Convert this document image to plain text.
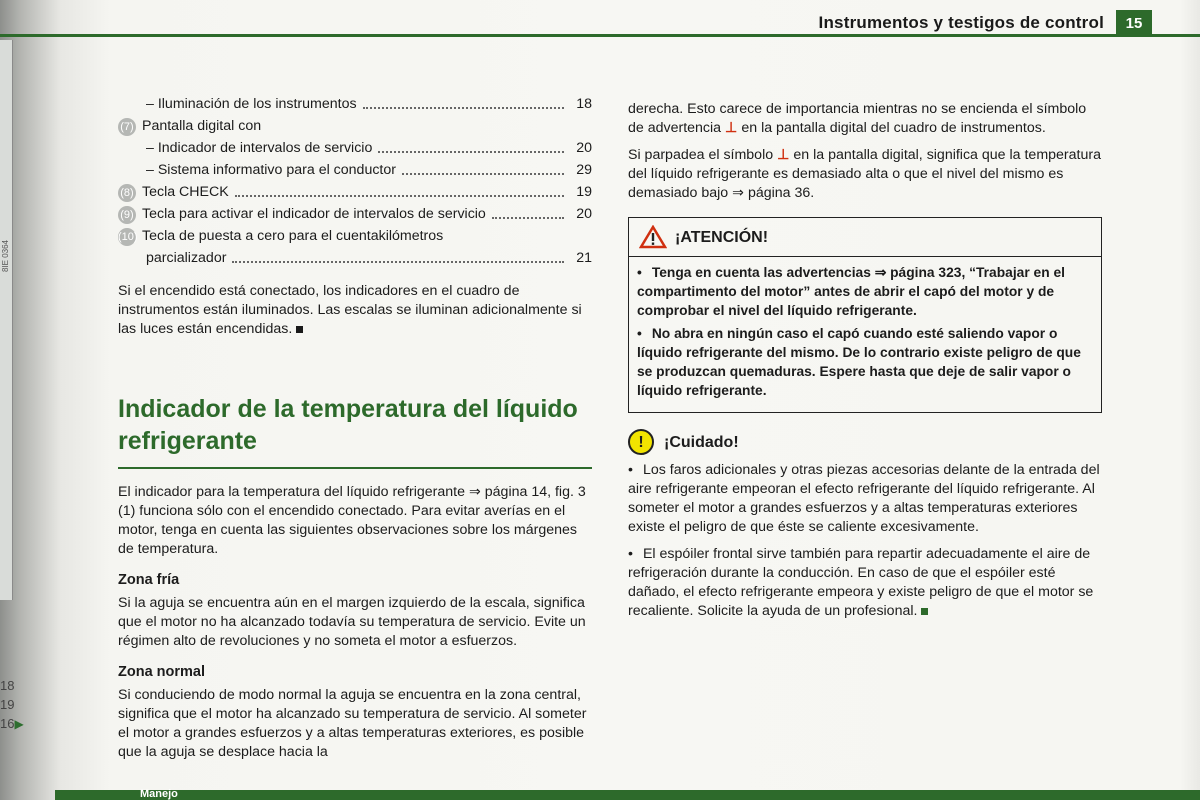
8IE 0364
18
19
16▶
Instrumentos y testigos de control	15
– Iluminación de los instrumentos	18
(7) Pantalla digital con
– Indicador de intervalos de servicio	20
– Sistema informativo para el conductor	29
(8) Tecla CHECK	19
(9) Tecla para activar el indicador de intervalos de servicio	20
(10) Tecla de puesta a cero para el cuentakilómetros
parcializador	21

Si el encendido está conectado, los indicadores en el cuadro de instrumentos están iluminados. Las escalas se iluminan adicionalmente si las luces están encendidas.

Indicador de la temperatura del líquido refrigerante

El indicador para la temperatura del líquido refrigerante ⇒ página 14, fig. 3 (1) funciona sólo con el encendido conectado. Para evitar averías en el motor, tenga en cuenta las siguientes observaciones sobre los márgenes de temperatura.

Zona fría

Si la aguja se encuentra aún en el margen izquierdo de la escala, significa que el motor no ha alcanzado todavía su temperatura de servicio. Evite un régimen alto de revoluciones y no someta el motor a esfuerzos.

Zona normal

Si conduciendo de modo normal la aguja se encuentra en la zona central, significa que el motor ha alcanzado su temperatura de servicio. Al someter el motor a grandes esfuerzos y a altas temperaturas exteriores, es posible que la aguja se desplace hacia la

derecha. Esto carece de importancia mientras no se encienda el símbolo de advertencia ⊥ en la pantalla digital del cuadro de instrumentos.

Si parpadea el símbolo ⊥ en la pantalla digital, significa que la temperatura del líquido refrigerante es demasiado alta o que el nivel del mismo es demasiado bajo ⇒ página 36.

¡ATENCIÓN!
• Tenga en cuenta las advertencias ⇒ página 323, “Trabajar en el compartimento del motor” antes de abrir el capó del motor y de comprobar el nivel del líquido refrigerante.
• No abra en ningún caso el capó cuando esté saliendo vapor o líquido refrigerante del mismo. De lo contrario existe peligro de que se produzcan quemaduras. Espere hasta que deje de salir vapor o líquido refrigerante.
!	¡Cuidado!

• Los faros adicionales y otras piezas accesorias delante de la entrada del aire refrigerante empeoran el efecto refrigerante del líquido refrigerante. Al someter el motor a grandes esfuerzos y a altas temperaturas exteriores existe el peligro de que éste se caliente excesivamente.

• El espóiler frontal sirve también para repartir adecuadamente el aire de refrigeración durante la conducción. En caso de que el espóiler esté dañado, el efecto refrigerante empeora y existe peligro de que el motor se recaliente. Solicite la ayuda de un profesional.

Manejo
